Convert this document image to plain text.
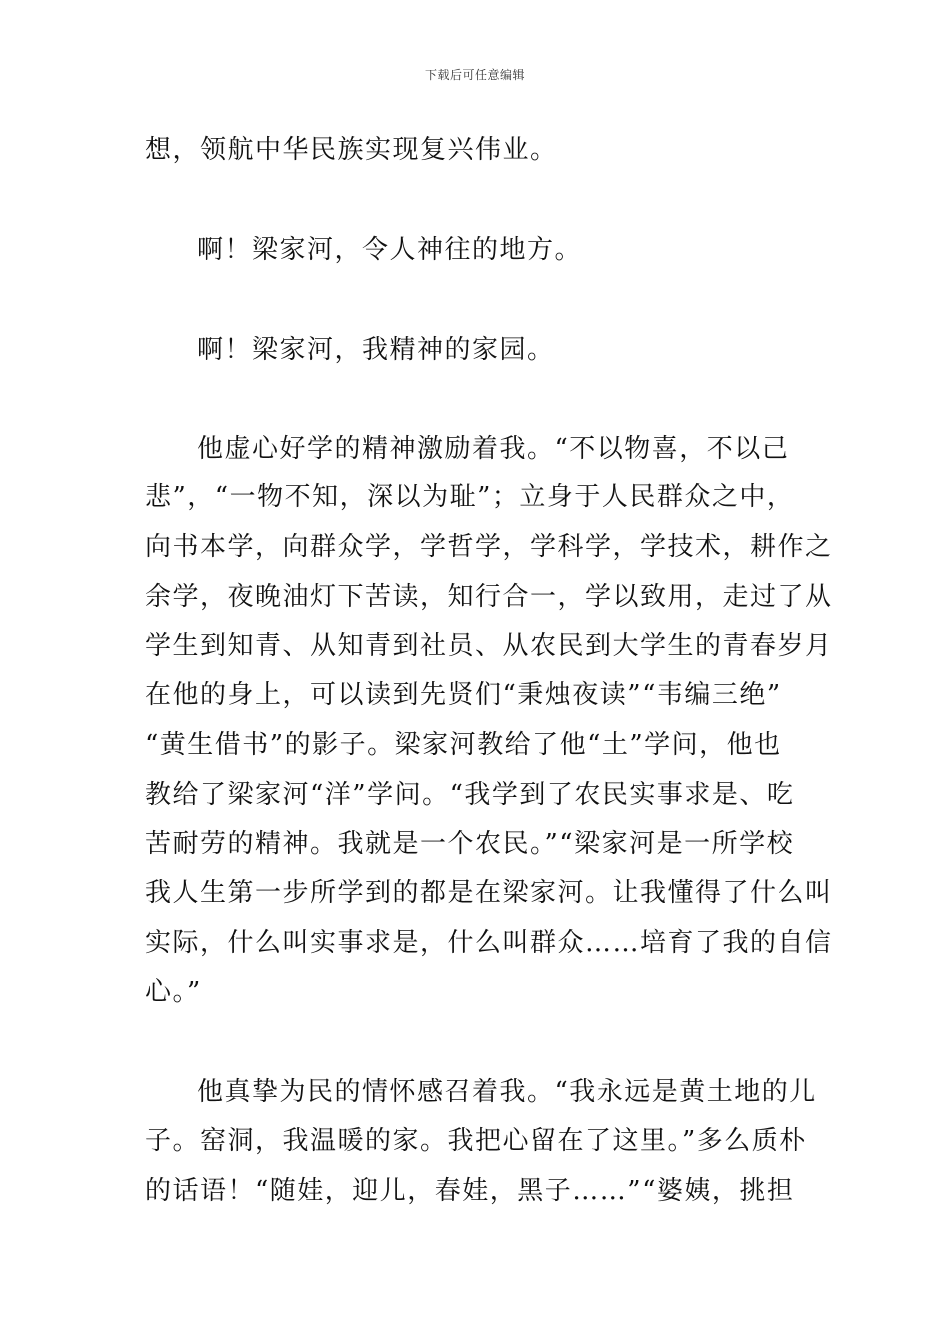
下载后可任意编辑
想，领航中华民族实现复兴伟业。
啊！梁家河，令人神往的地方。
啊！梁家河，我精神的家园。
他虚心好学的精神激励着我。“不以物喜，不以己
悲”，“一物不知，深以为耻”；立身于人民群众之中，
向书本学，向群众学，学哲学，学科学，学技术，耕作之
余学，夜晚油灯下苦读，知行合一，学以致用，走过了从
学生到知青、从知青到社员、从农民到大学生的青春岁月
在他的身上，可以读到先贤们“秉烛夜读”“韦编三绝”
“黄生借书”的影子。梁家河教给了他“土”学问，他也
教给了梁家河“洋”学问。“我学到了农民实事求是、吃
苦耐劳的精神。我就是一个农民。”“梁家河是一所学校
我人生第一步所学到的都是在梁家河。让我懂得了什么叫
实际，什么叫实事求是，什么叫群众……培育了我的自信
心。”
他真挚为民的情怀感召着我。“我永远是黄土地的儿
子。窑洞，我温暖的家。我把心留在了这里。”多么质朴
的话语！“随娃，迎儿，春娃，黑子……”“婆姨，挑担
